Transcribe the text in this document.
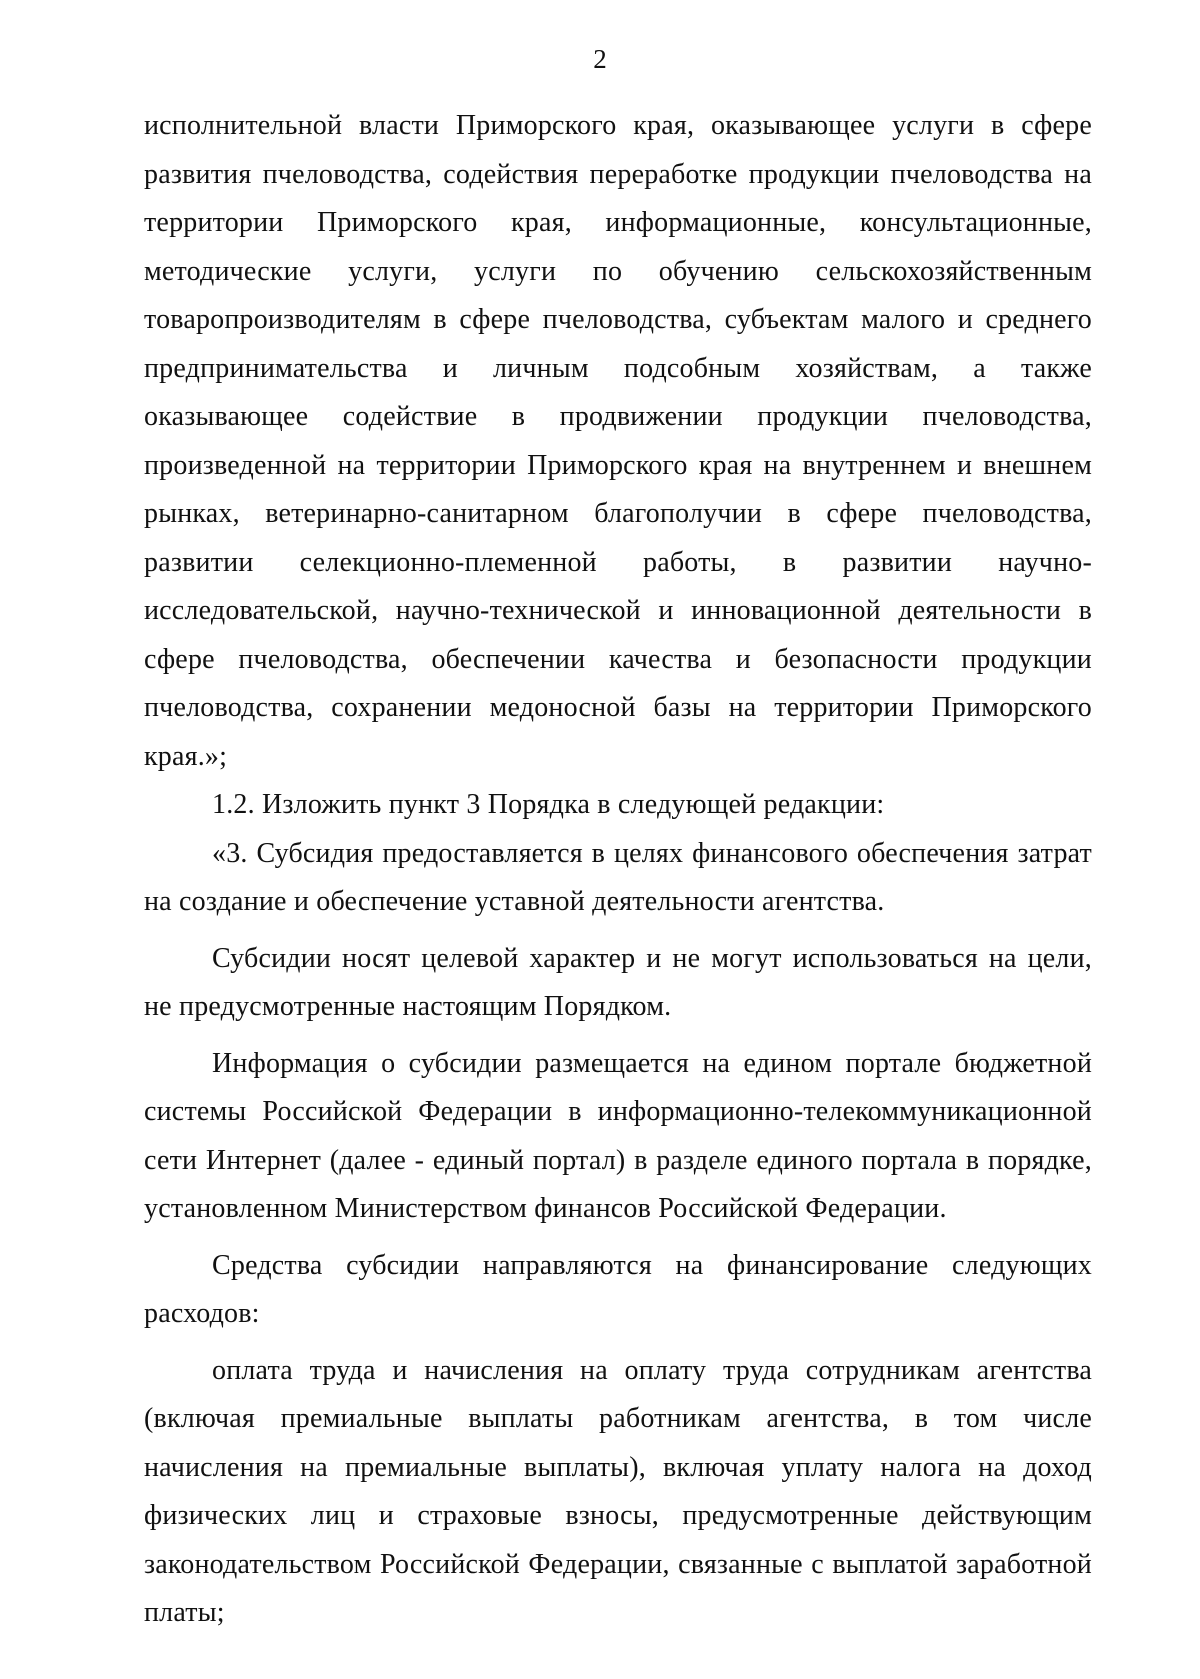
2

исполнительной власти Приморского края, оказывающее услуги в сфере развития пчеловодства, содействия переработке продукции пчеловодства на территории Приморского края, информационные, консультационные, методические услуги, услуги по обучению сельскохозяйственным товаропроизводителям в сфере пчеловодства, субъектам малого и среднего предпринимательства и личным подсобным хозяйствам, а также оказывающее содействие в продвижении продукции пчеловодства, произведенной на территории Приморского края на внутреннем и внешнем рынках, ветеринарно-санитарном благополучии в сфере пчеловодства, развитии селекционно-племенной работы, в развитии научно-исследовательской, научно-технической и инновационной деятельности в сфере пчеловодства, обеспечении качества и безопасности продукции пчеловодства, сохранении медоносной базы на территории Приморского края.»;

1.2. Изложить пункт 3 Порядка в следующей редакции:

«3. Субсидия предоставляется в целях финансового обеспечения затрат на создание и обеспечение уставной деятельности агентства.

Субсидии носят целевой характер и не могут использоваться на цели, не предусмотренные настоящим Порядком.

Информация о субсидии размещается на едином портале бюджетной системы Российской Федерации в информационно-телекоммуникационной сети Интернет (далее - единый портал) в разделе единого портала в порядке, установленном Министерством финансов Российской Федерации.

Средства субсидии направляются на финансирование следующих расходов:

оплата труда и начисления на оплату труда сотрудникам агентства (включая премиальные выплаты работникам агентства, в том числе начисления на премиальные выплаты), включая уплату налога на доход физических лиц и страховые взносы, предусмотренные действующим законодательством Российской Федерации, связанные с выплатой заработной платы;
